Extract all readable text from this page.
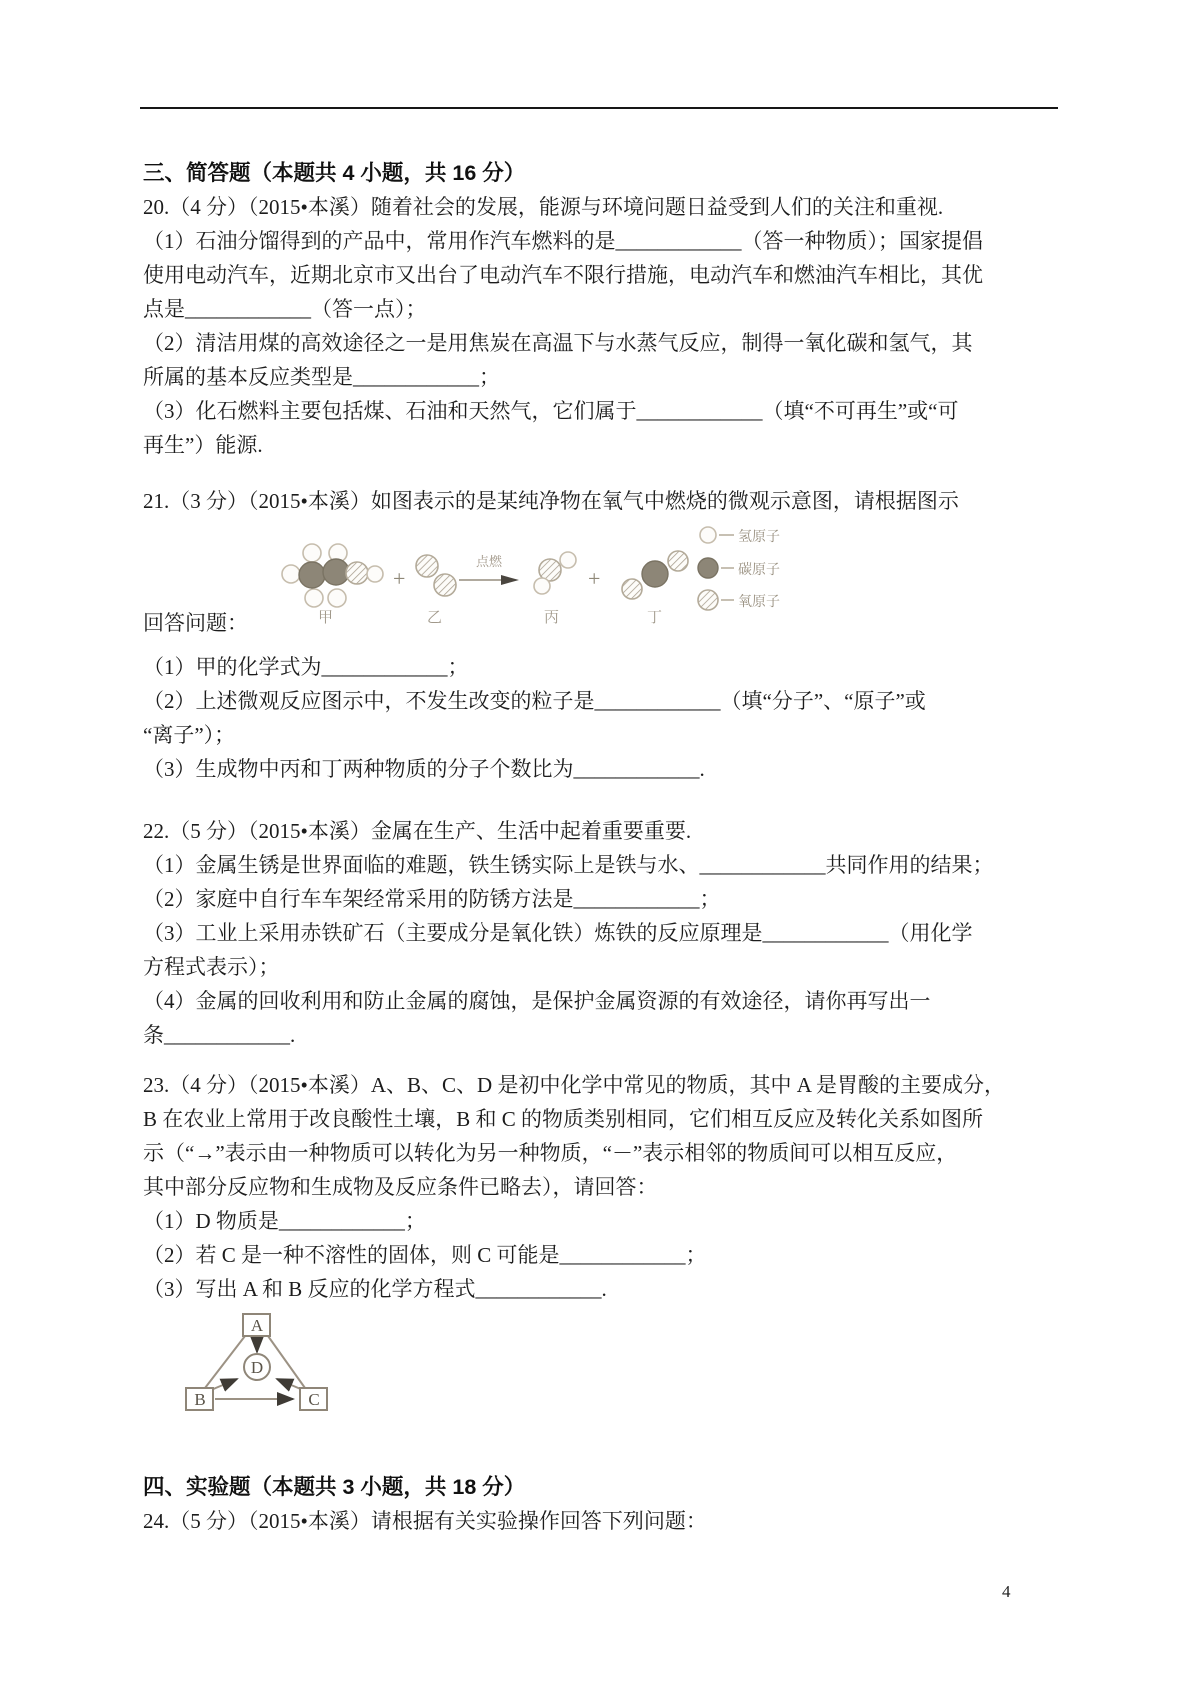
三、简答题（本题共 4 小题，共 16 分）
20.（4 分）（2015•本溪）随着社会的发展，能源与环境问题日益受到人们的关注和重视.
（1）石油分馏得到的产品中，常用作汽车燃料的是____________（答一种物质）；国家提倡
使用电动汽车，近期北京市又出台了电动汽车不限行措施，电动汽车和燃油汽车相比，其优
点是____________（答一点）；
（2）清洁用煤的高效途径之一是用焦炭在高温下与水蒸气反应，制得一氧化碳和氢气，其
所属的基本反应类型是____________；
（3）化石燃料主要包括煤、石油和天然气，它们属于____________（填“不可再生”或“可
再生”）能源.
21.（3 分）（2015•本溪）如图表示的是某纯净物在氧气中燃烧的微观示意图，请根据图示
+
点燃
+
氢原子
碳原子
氧原子
甲	乙	丙	丁
回答问题：
（1）甲的化学式为____________；
（2）上述微观反应图示中，不发生改变的粒子是____________（填“分子”、“原子”或
“离子”）；
（3）生成物中丙和丁两种物质的分子个数比为____________.
22.（5 分）（2015•本溪）金属在生产、生活中起着重要重要.
（1）金属生锈是世界面临的难题，铁生锈实际上是铁与水、____________共同作用的结果；
（2）家庭中自行车车架经常采用的防锈方法是____________；
（3）工业上采用赤铁矿石（主要成分是氧化铁）炼铁的反应原理是____________（用化学
方程式表示）；
（4）金属的回收利用和防止金属的腐蚀，是保护金属资源的有效途径，请你再写出一
条____________.
23.（4 分）（2015•本溪）A、B、C、D 是初中化学中常见的物质，其中 A 是胃酸的主要成分，
B 在农业上常用于改良酸性土壤，B 和 C 的物质类别相同，它们相互反应及转化关系如图所
示（“→”表示由一种物质可以转化为另一种物质，“－”表示相邻的物质间可以相互反应，
其中部分反应物和生成物及反应条件已略去），请回答：
（1）D 物质是____________；
（2）若 C 是一种不溶性的固体，则 C 可能是____________；
（3）写出 A 和 B 反应的化学方程式____________.
A
B	C
D
四、实验题（本题共 3 小题，共 18 分）
24.（5 分）（2015•本溪）请根据有关实验操作回答下列问题：
4
